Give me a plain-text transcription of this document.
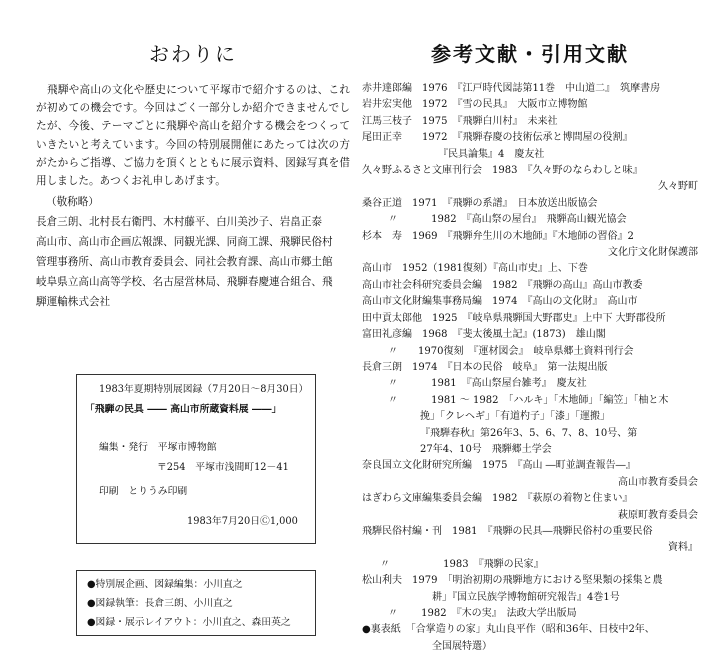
おわりに

飛騨や高山の文化や歴史について平塚市で紹介するのは、これが初めての機会です。今回はごく一部分しか紹介できませんでしたが、今後、テーマごとに飛騨や高山を紹介する機会をつくっていきたいと考えています。今回の特別展開催にあたっては次の方がたからご指導、ご協力を頂くとともに展示資料、図録写真を借用しました。あつくお礼申しあげます。

（敬称略）
長倉三朗、北村長右衛門、木村藤平、白川美沙子、岩畠正泰
高山市、高山市企画広報課、同観光課、同商工課、飛騨民俗村
管理事務所、高山市教育委員会、同社会教育課、高山市郷土館
岐阜県立高山高等学校、名古屋営林局、飛騨春慶連合組合、飛
騨運輸株式会社
1983年夏期特別展図録（7月20日～8月30日）
「飛騨の民具 ―― 高山市所蔵資料展 ――」
編集・発行　平塚市博物館
〒254　平塚市浅間町12－41
印刷　とりうみ印刷
1983年7月20日Ⓒ1,000
●特別展企画、図録編集：小川直之
●図録執筆：長倉三朗、小川直之
●図録・展示レイアウト：小川直之、森田英之
参考文献・引用文献
赤井達郎編　1976　『江戸時代図誌第11巻　中山道二』　筑摩書房
岩井宏実他　1972　『雪の民具』　大阪市立博物館
江馬三枝子　1975　『飛騨白川村』　未来社
尾田正幸　　1972　『飛騨春慶の技術伝承と博問屋の役割』
『民具論集』4　慶友社
久々野ふるさと文庫刊行会　1983　『久々野のならわしと味』
久々野町
桑谷正道　1971　『飛騨の系譜』　日本放送出版協会
〃　　　 1982　『高山祭の屋台』　飛騨高山観光協会
杉本　寿　1969　『飛騨弁生川の木地師』『木地師の習俗』2
文化庁文化財保護部
高山市　1952（1981復刻）『高山市史』上、下巻
高山市社会科研究委員会編　1982　『飛騨の高山』高山市教委
高山市文化財編集事務局編　1974　『高山の文化財』　高山市
田中貢太郎他　1925　『岐阜県飛騨国大野郡史』上中下 大野郡役所
富田礼彦編　1968　『斐太後風土記』(1873)　雄山閣
〃　　1970復刻　『運材図会』　岐阜県郷土資料刊行会
長倉三朗　1974　『日本の民俗　岐阜』　第一法規出版
〃　　　 1981　『高山祭屋台雑考』　慶友社
〃　　　 1981 ～ 1982　「ハルキ」「木地師」「編笠」「柚と木
挽」「クレヘギ」「有道杓子」「漆」「運搬」
『飛騨春秋』第26年3、5、6、7、8、10号、第
27年4、10号　飛騨郷土学会
奈良国立文化財研究所編　1975　『高山 ―町並調査報告―』
高山市教育委員会
はぎわら文庫編集委員会編　1982　『萩原の着物と住まい』
萩原町教育委員会
飛騨民俗村編・刊　1981　『飛騨の民具―飛騨民俗村の重要民俗
資料』
〃　　　　　 1983　『飛騨の民家』
松山利夫　1979　「明治初期の飛騨地方における堅果類の採集と農
耕」『国立民族学博物館研究報告』4巻1号
〃　　 1982　『木の実』　法政大学出版局
●裏表紙　「合掌造りの家」丸山良平作（昭和36年、日枝中2年、
全国展特選）
